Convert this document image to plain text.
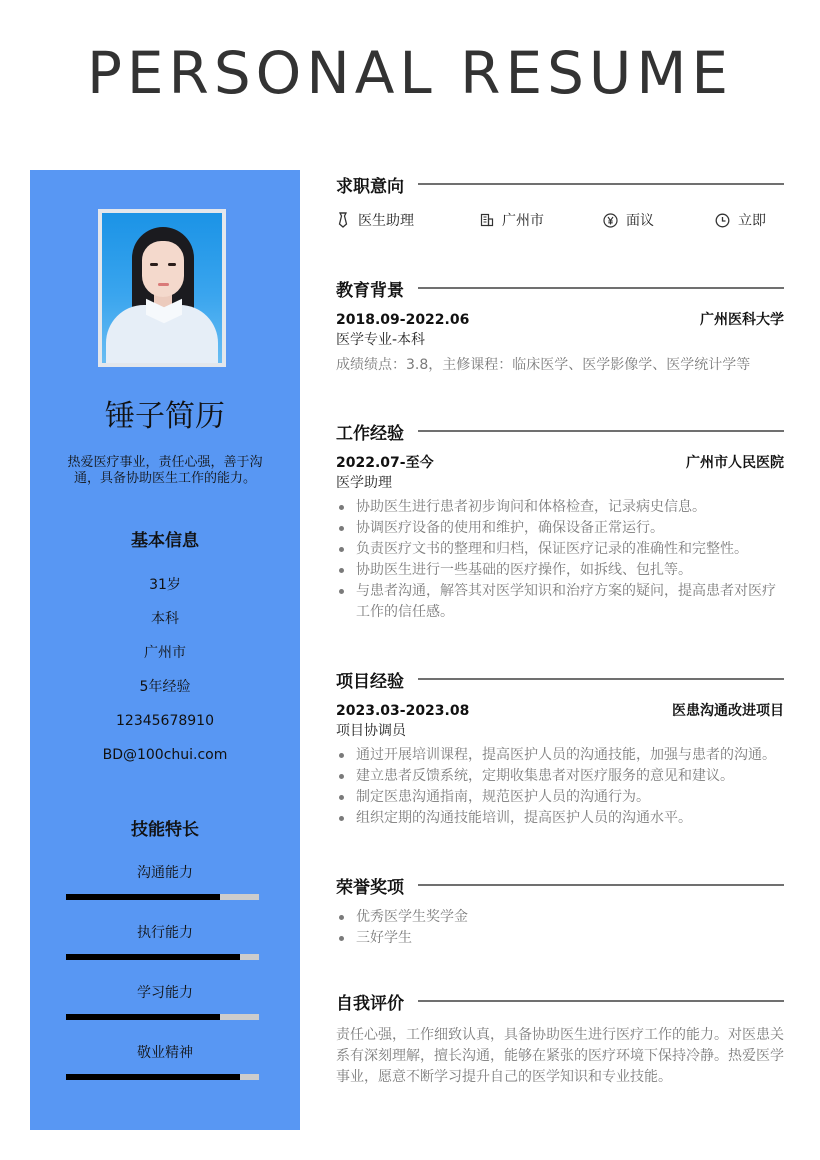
PERSONAL RESUME
锤子简历
热爱医疗事业，责任心强，善于沟通，具备协助医生工作的能力。
基本信息
31岁
本科
广州市
5年经验
12345678910
BD@100chui.com
技能特长
沟通能力
执行能力
学习能力
敬业精神
求职意向
医生助理	广州市	面议	立即
教育背景
2018.09-2022.06	广州医科大学
医学专业-本科
成绩绩点：3.8，主修课程：临床医学、医学影像学、医学统计学等
工作经验
2022.07-至今	广州市人民医院
医学助理
协助医生进行患者初步询问和体格检查，记录病史信息。
协调医疗设备的使用和维护，确保设备正常运行。
负责医疗文书的整理和归档，保证医疗记录的准确性和完整性。
协助医生进行一些基础的医疗操作，如拆线、包扎等。
与患者沟通，解答其对医学知识和治疗方案的疑问，提高患者对医疗工作的信任感。
项目经验
2023.03-2023.08	医患沟通改进项目
项目协调员
通过开展培训课程，提高医护人员的沟通技能，加强与患者的沟通。
建立患者反馈系统，定期收集患者对医疗服务的意见和建议。
制定医患沟通指南，规范医护人员的沟通行为。
组织定期的沟通技能培训，提高医护人员的沟通水平。
荣誉奖项
优秀医学生奖学金
三好学生
自我评价
责任心强，工作细致认真，具备协助医生进行医疗工作的能力。对医患关系有深刻理解，擅长沟通，能够在紧张的医疗环境下保持冷静。热爱医学事业，愿意不断学习提升自己的医学知识和专业技能。
